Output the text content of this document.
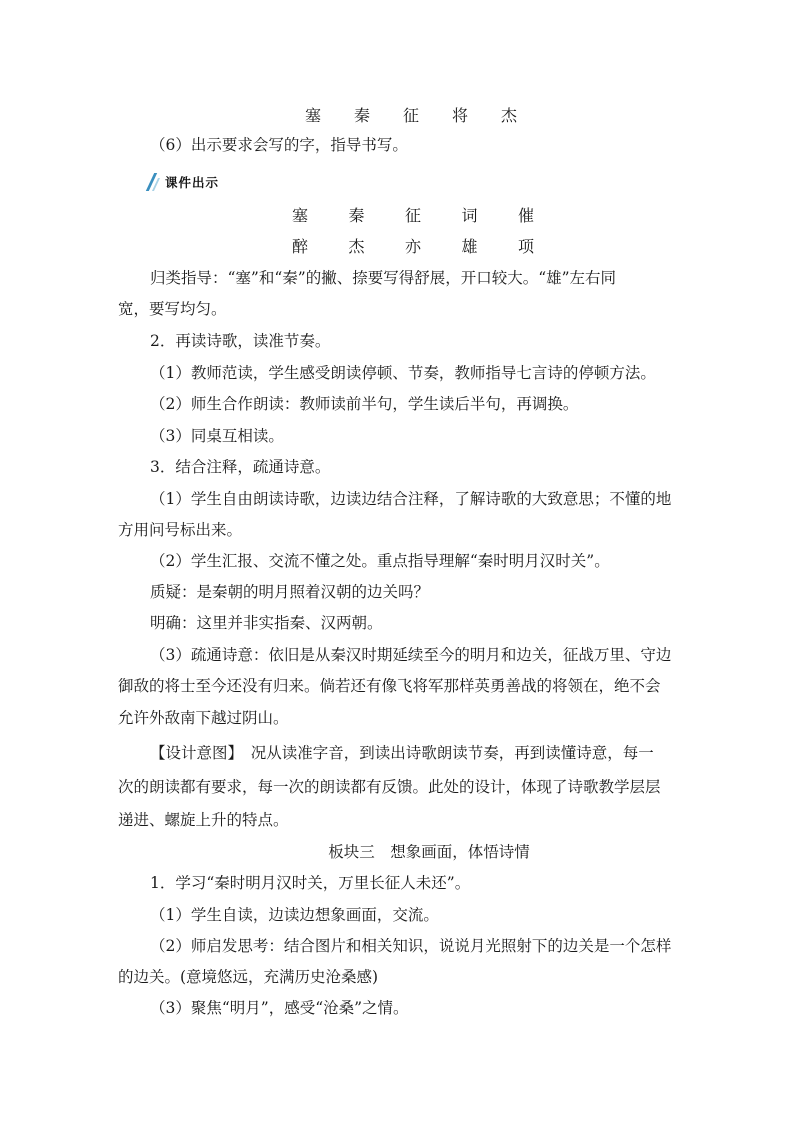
塞 秦 征 将 杰
（6）出示要求会写的字，指导书写。
课件出示
塞	秦	征	词	催
醉	杰	亦	雄	项
归类指导：“塞”和“秦”的撇、捺要写得舒展，开口较大。“雄”左右同
宽，要写均匀。
2．再读诗歌，读准节奏。
（1）教师范读，学生感受朗读停顿、节奏，教师指导七言诗的停顿方法。
（2）师生合作朗读：教师读前半句，学生读后半句，再调换。
（3）同桌互相读。
3．结合注释，疏通诗意。
（1）学生自由朗读诗歌，边读边结合注释，了解诗歌的大致意思；不懂的地
方用问号标出来。
（2）学生汇报、交流不懂之处。重点指导理解“秦时明月汉时关”。
质疑：是秦朝的明月照着汉朝的边关吗？
明确：这里并非实指秦、汉两朝。
（3）疏通诗意：依旧是从秦汉时期延续至今的明月和边关，征战万里、守边
御敌的将士至今还没有归来。倘若还有像飞将军那样英勇善战的将领在，绝不会
允许外敌南下越过阴山。
【设计意图】　况从读准字音，到读出诗歌朗读节奏，再到读懂诗意，每一
次的朗读都有要求，每一次的朗读都有反馈。此处的设计，体现了诗歌教学层层
递进、螺旋上升的特点。
板块三　想象画面，体悟诗情
1．学习“秦时明月汉时关，万里长征人未还”。
（1）学生自读，边读边想象画面，交流。
（2）师启发思考：结合图片和相关知识，说说月光照射下的边关是一个怎样
的边关。(意境悠远，充满历史沧桑感)
（3）聚焦“明月”，感受“沧桑”之情。
